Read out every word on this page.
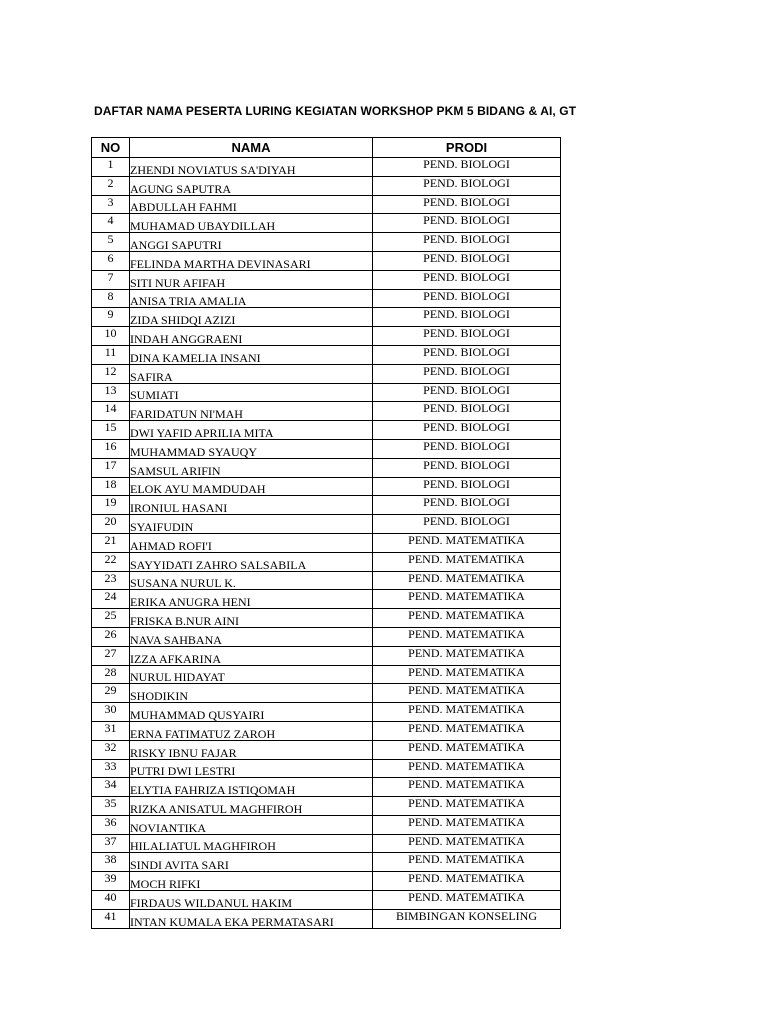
DAFTAR NAMA PESERTA LURING KEGIATAN WORKSHOP PKM 5 BIDANG & AI, GT
NO	NAMA	PRODI
1	ZHENDI NOVIATUS SA'DIYAH	PEND. BIOLOGI
2	AGUNG SAPUTRA	PEND. BIOLOGI
3	ABDULLAH FAHMI	PEND. BIOLOGI
4	MUHAMAD UBAYDILLAH	PEND. BIOLOGI
5	ANGGI SAPUTRI	PEND. BIOLOGI
6	FELINDA MARTHA DEVINASARI	PEND. BIOLOGI
7	SITI NUR AFIFAH	PEND. BIOLOGI
8	ANISA TRIA AMALIA	PEND. BIOLOGI
9	ZIDA SHIDQI AZIZI	PEND. BIOLOGI
10	INDAH ANGGRAENI	PEND. BIOLOGI
11	DINA KAMELIA INSANI	PEND. BIOLOGI
12	SAFIRA	PEND. BIOLOGI
13	SUMIATI	PEND. BIOLOGI
14	FARIDATUN NI'MAH	PEND. BIOLOGI
15	DWI YAFID APRILIA MITA	PEND. BIOLOGI
16	MUHAMMAD SYAUQY	PEND. BIOLOGI
17	SAMSUL ARIFIN	PEND. BIOLOGI
18	ELOK AYU MAMDUDAH	PEND. BIOLOGI
19	IRONIUL HASANI	PEND. BIOLOGI
20	SYAIFUDIN	PEND. BIOLOGI
21	AHMAD ROFI'I	PEND. MATEMATIKA
22	SAYYIDATI ZAHRO SALSABILA	PEND. MATEMATIKA
23	SUSANA NURUL K.	PEND. MATEMATIKA
24	ERIKA ANUGRA HENI	PEND. MATEMATIKA
25	FRISKA B.NUR AINI	PEND. MATEMATIKA
26	NAVA SAHBANA	PEND. MATEMATIKA
27	IZZA AFKARINA	PEND. MATEMATIKA
28	NURUL HIDAYAT	PEND. MATEMATIKA
29	SHODIKIN	PEND. MATEMATIKA
30	MUHAMMAD QUSYAIRI	PEND. MATEMATIKA
31	ERNA FATIMATUZ ZAROH	PEND. MATEMATIKA
32	RISKY IBNU FAJAR	PEND. MATEMATIKA
33	PUTRI DWI LESTRI	PEND. MATEMATIKA
34	ELYTIA FAHRIZA ISTIQOMAH	PEND. MATEMATIKA
35	RIZKA ANISATUL MAGHFIROH	PEND. MATEMATIKA
36	NOVIANTIKA	PEND. MATEMATIKA
37	HILALIATUL MAGHFIROH	PEND. MATEMATIKA
38	SINDI AVITA SARI	PEND. MATEMATIKA
39	MOCH RIFKI	PEND. MATEMATIKA
40	FIRDAUS WILDANUL HAKIM	PEND. MATEMATIKA
41	INTAN KUMALA EKA PERMATASARI	BIMBINGAN KONSELING
